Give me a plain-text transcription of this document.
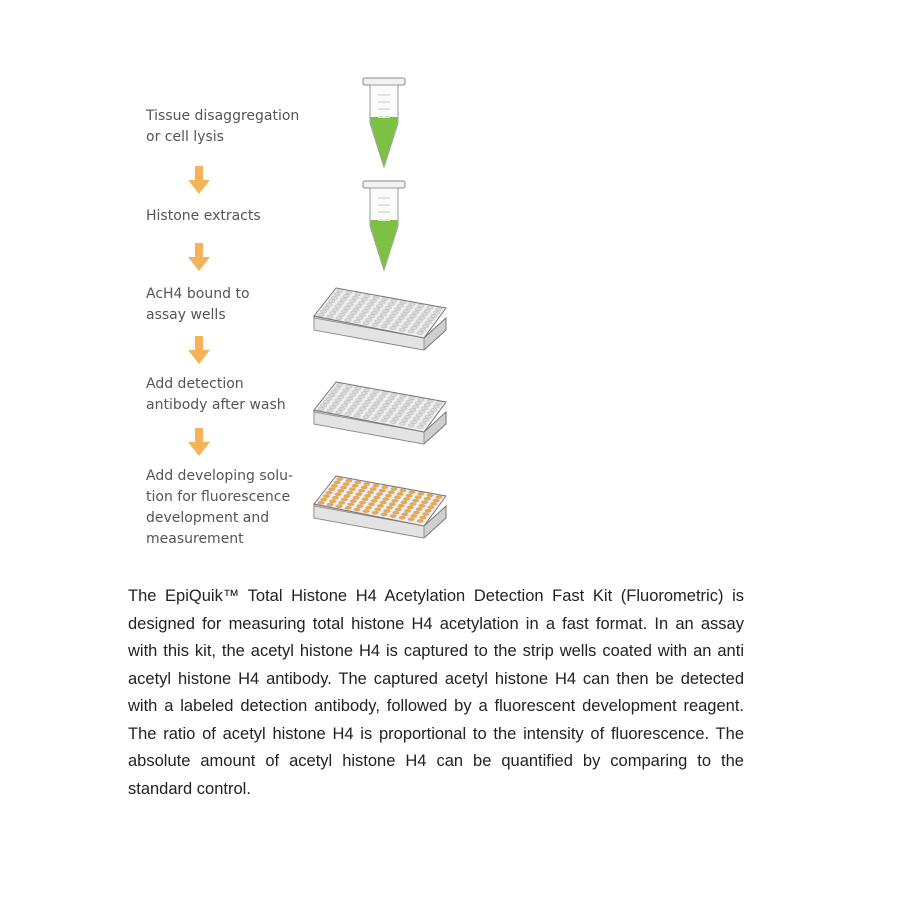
Tissue disaggregation
or cell lysis
Histone extracts
AcH4 bound to
assay wells
Add detection
antibody after wash
Add developing solu-
tion for fluorescence
development and
measurement

The EpiQuik™ Total Histone H4 Acetylation Detection Fast Kit (Fluorometric) is designed for measuring total histone H4 acetylation in a fast format. In an assay with this kit, the acetyl histone H4 is captured to the strip wells coated with an anti acetyl histone H4 antibody. The captured acetyl histone H4 can then be detected with a labeled detection antibody, followed by a fluorescent development reagent. The ratio of acetyl histone H4 is proportional to the intensity of fluorescence. The absolute amount of acetyl histone H4 can be quantified by comparing to the standard control.
